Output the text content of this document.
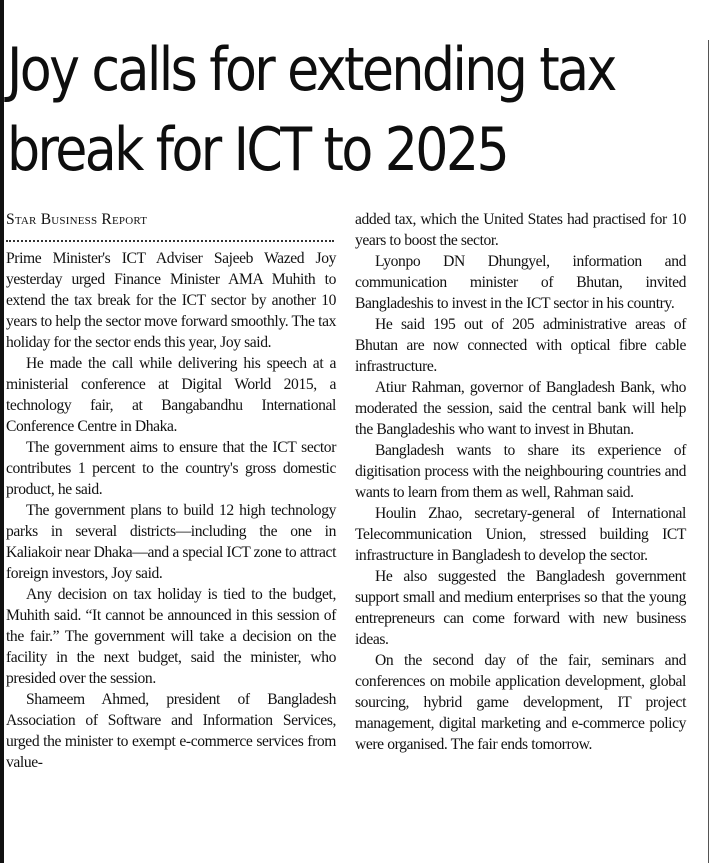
Joy calls for extending tax
break for ICT to 2025

Star Business Report

Prime Minister's ICT Adviser Sajeeb Wazed Joy yesterday urged Finance Minister AMA Muhith to extend the tax break for the ICT sector by another 10 years to help the sector move forward smoothly. The tax holiday for the sector ends this year, Joy said.

He made the call while delivering his speech at a ministerial conference at Digital World 2015, a technology fair, at Bangabandhu International Conference Centre in Dhaka.

The government aims to ensure that the ICT sector contributes 1 percent to the country's gross domestic product, he said.

The government plans to build 12 high technology parks in several districts—including the one in Kaliakoir near Dhaka—and a special ICT zone to attract foreign investors, Joy said.

Any decision on tax holiday is tied to the budget, Muhith said. “It cannot be announced in this session of the fair.” The government will take a decision on the facility in the next budget, said the minister, who presided over the session.

Shameem Ahmed, president of Bangladesh Association of Software and Information Services, urged the minister to exempt e-commerce services from value-

added tax, which the United States had practised for 10 years to boost the sector.

Lyonpo DN Dhungyel, information and communication minister of Bhutan, invited Bangladeshis to invest in the ICT sector in his country.

He said 195 out of 205 administrative areas of Bhutan are now connected with optical fibre cable infrastructure.

Atiur Rahman, governor of Bangladesh Bank, who moderated the session, said the central bank will help the Bangladeshis who want to invest in Bhutan.

Bangladesh wants to share its experience of digitisation process with the neighbouring countries and wants to learn from them as well, Rahman said.

Houlin Zhao, secretary-general of International Telecommunication Union, stressed building ICT infrastructure in Bangladesh to develop the sector.

He also suggested the Bangladesh government support small and medium enterprises so that the young entrepreneurs can come forward with new business ideas.

On the second day of the fair, seminars and conferences on mobile application development, global sourcing, hybrid game development, IT project management, digital marketing and e-commerce policy were organised. The fair ends tomorrow.
